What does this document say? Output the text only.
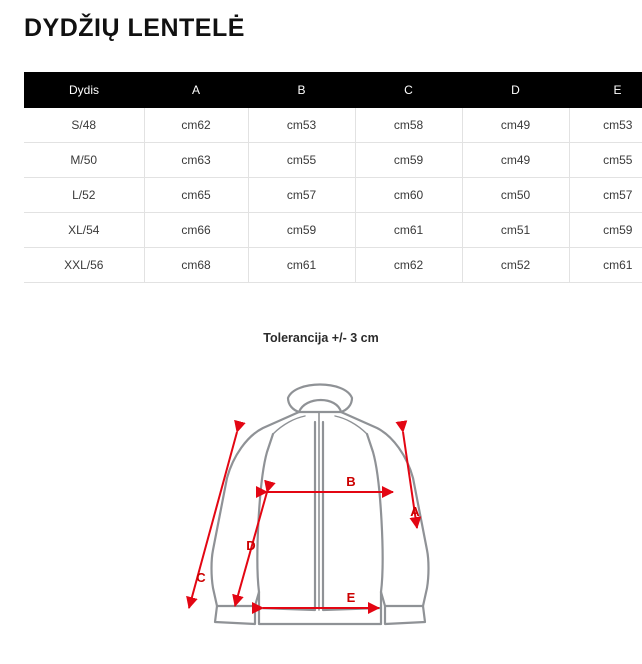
DYDŽIŲ LENTELĖ
Dydis	A	B	C	D	E
S/48	cm62	cm53	cm58	cm49	cm53
M/50	cm63	cm55	cm59	cm49	cm55
L/52	cm65	cm57	cm60	cm50	cm57
XL/54	cm66	cm59	cm61	cm51	cm59
XXL/56	cm68	cm61	cm62	cm52	cm61
Tolerancija +/- 3 cm
A
B
C
D
E
